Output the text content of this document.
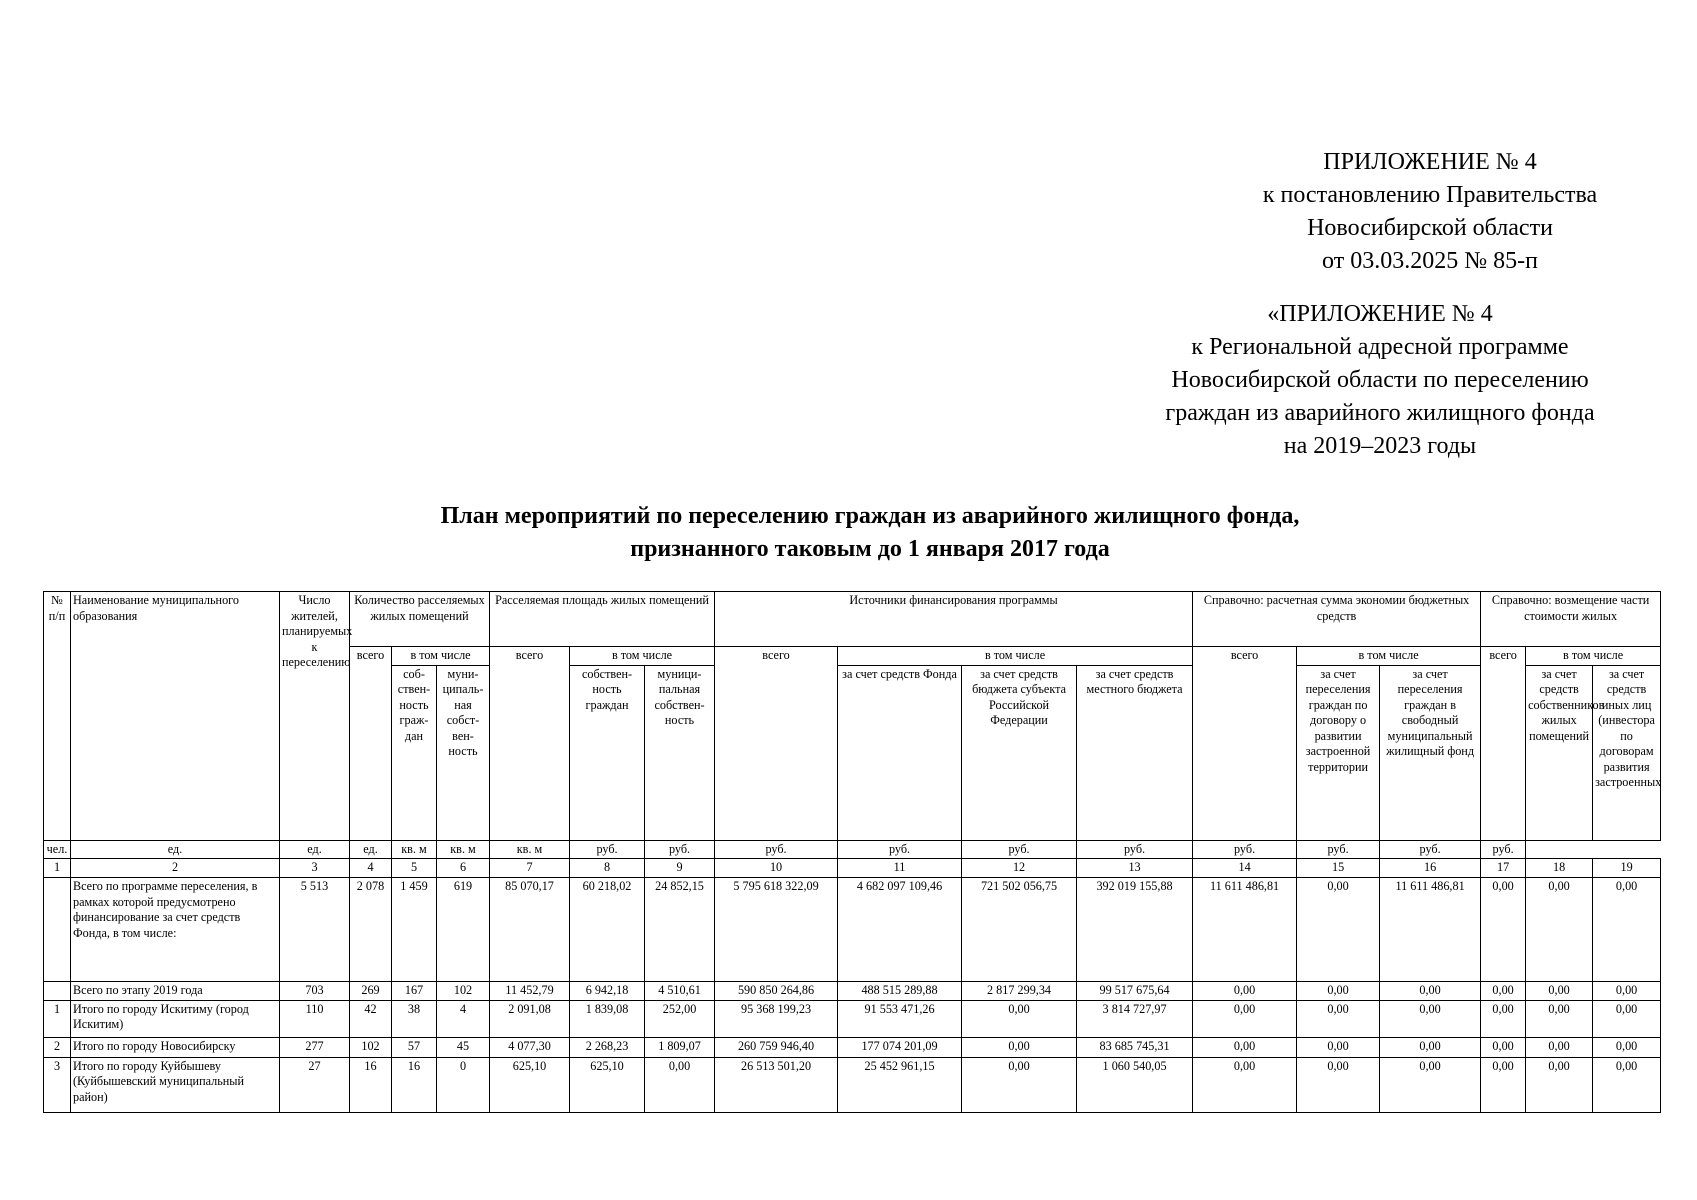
ПРИЛОЖЕНИЕ № 4
к постановлению Правительства
Новосибирской области
от 03.03.2025 № 85-п
«ПРИЛОЖЕНИЕ № 4
к Региональной адресной программе
Новосибирской области по переселению
граждан из аварийного жилищного фонда
на 2019–2023 годы
План мероприятий по переселению граждан из аварийного жилищного фонда,
признанного таковым до 1 января 2017 года
№ п/п	Наименование муниципального образования	Число жителей, планируемых к переселению	Количество расселяемых жилых помещений			Расселяемая площадь жилых помещений			Источники финансирования программы				Справочно: расчетная сумма экономии бюджетных средств			Справочно: возмещение части стоимости жилых		
			всего	в том числе		всего	в том числе		всего	в том числе			всего	в том числе		всего	в том числе	
				соб- ствен- ность граж- дан	муни- ципаль- ная собст- вен- ность		собствен- ность граждан	муници- пальная собствен- ность		за счет средств Фонда	за счет средств бюджета субъекта Российской Федерации	за счет средств местного бюджета		за счет переселения граждан по договору о развитии застроенной территории	за счет переселения граждан в свободный муниципальный жилищный фонд		за счет средств собственников жилых помещений	за счет средств иных лиц (инвестора по договорам развития застроенных
чел.	ед.	ед.	ед.	кв. м	кв. м	кв. м	руб.	руб.	руб.	руб.	руб.	руб.	руб.	руб.	руб.	руб.		
1	2	3	4	5	6	7	8	9	10	11	12	13	14	15	16	17	18	19
	Всего по программе переселения, в рамках которой предусмотрено финансирование за счет средств Фонда, в том числе:	5 513	2 078	1 459	619	85 070,17	60 218,02	24 852,15	5 795 618 322,09	4 682 097 109,46	721 502 056,75	392 019 155,88	11 611 486,81	0,00	11 611 486,81	0,00	0,00	0,00
	Всего по этапу 2019 года	703	269	167	102	11 452,79	6 942,18	4 510,61	590 850 264,86	488 515 289,88	2 817 299,34	99 517 675,64	0,00	0,00	0,00	0,00	0,00	0,00
1	Итого по городу Искитиму (город Искитим)	110	42	38	4	2 091,08	1 839,08	252,00	95 368 199,23	91 553 471,26	0,00	3 814 727,97	0,00	0,00	0,00	0,00	0,00	0,00
2	Итого по городу Новосибирску	277	102	57	45	4 077,30	2 268,23	1 809,07	260 759 946,40	177 074 201,09	0,00	83 685 745,31	0,00	0,00	0,00	0,00	0,00	0,00
3	Итого по городу Куйбышеву (Куйбышевский муниципальный район)	27	16	16	0	625,10	625,10	0,00	26 513 501,20	25 452 961,15	0,00	1 060 540,05	0,00	0,00	0,00	0,00	0,00	0,00
